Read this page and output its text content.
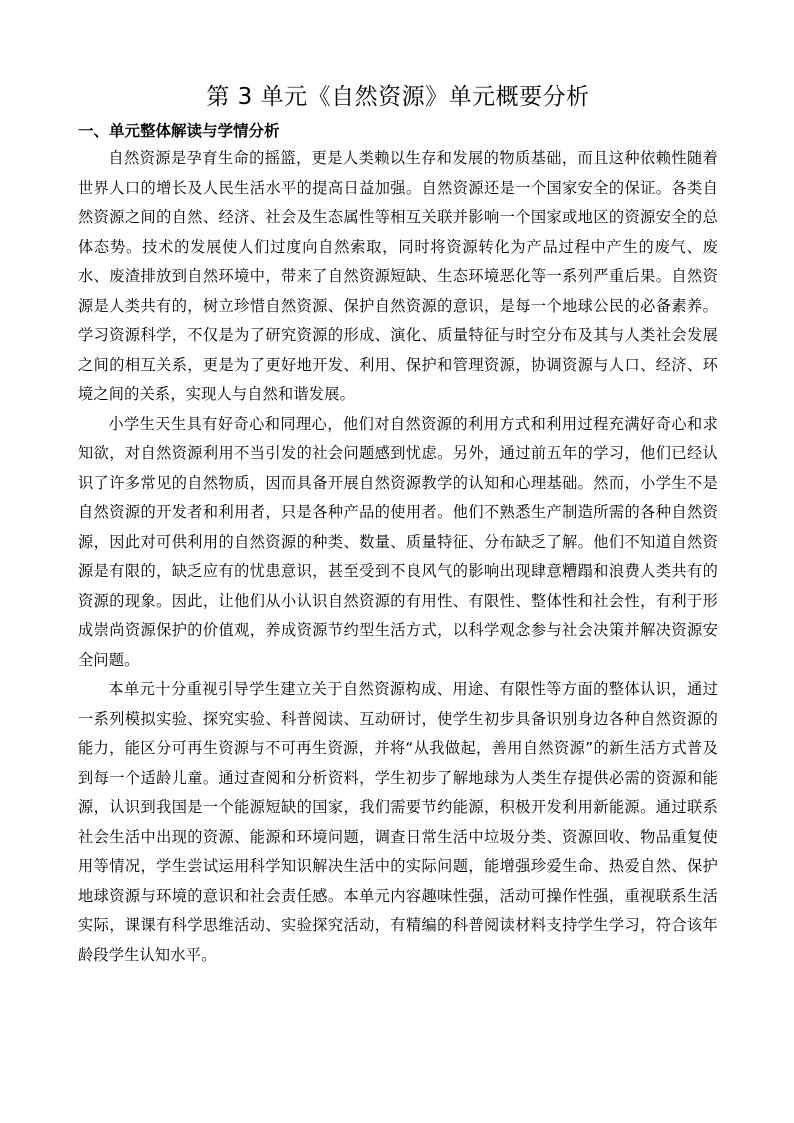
第 3 单元《自然资源》单元概要分析
一、单元整体解读与学情分析

自然资源是孕育生命的摇篮，更是人类赖以生存和发展的物质基础，而且这种依赖性随着世界人口的增长及人民生活水平的提高日益加强。自然资源还是一个国家安全的保证。各类自然资源之间的自然、经济、社会及生态属性等相互关联并影响一个国家或地区的资源安全的总体态势。技术的发展使人们过度向自然索取，同时将资源转化为产品过程中产生的废气、废水、废渣排放到自然环境中，带来了自然资源短缺、生态环境恶化等一系列严重后果。自然资源是人类共有的，树立珍惜自然资源、保护自然资源的意识，是每一个地球公民的必备素养。学习资源科学，不仅是为了研究资源的形成、演化、质量特征与时空分布及其与人类社会发展之间的相互关系，更是为了更好地开发、利用、保护和管理资源，协调资源与人口、经济、环境之间的关系，实现人与自然和谐发展。

小学生天生具有好奇心和同理心，他们对自然资源的利用方式和利用过程充满好奇心和求知欲，对自然资源利用不当引发的社会问题感到忧虑。另外，通过前五年的学习，他们已经认识了许多常见的自然物质，因而具备开展自然资源教学的认知和心理基础。然而，小学生不是自然资源的开发者和利用者，只是各种产品的使用者。他们不熟悉生产制造所需的各种自然资源，因此对可供利用的自然资源的种类、数量、质量特征、分布缺乏了解。他们不知道自然资源是有限的，缺乏应有的忧患意识，甚至受到不良风气的影响出现肆意糟蹋和浪费人类共有的资源的现象。因此，让他们从小认识自然资源的有用性、有限性、整体性和社会性，有利于形成崇尚资源保护的价值观，养成资源节约型生活方式，以科学观念参与社会决策并解决资源安全问题。

本单元十分重视引导学生建立关于自然资源构成、用途、有限性等方面的整体认识，通过一系列模拟实验、探究实验、科普阅读、互动研讨，使学生初步具备识别身边各种自然资源的能力，能区分可再生资源与不可再生资源，并将“从我做起，善用自然资源”的新生活方式普及到每一个适龄儿童。通过查阅和分析资料，学生初步了解地球为人类生存提供必需的资源和能源，认识到我国是一个能源短缺的国家，我们需要节约能源，积极开发利用新能源。通过联系社会生活中出现的资源、能源和环境问题，调查日常生活中垃圾分类、资源回收、物品重复使用等情况，学生尝试运用科学知识解决生活中的实际问题，能增强珍爱生命、热爱自然、保护地球资源与环境的意识和社会责任感。本单元内容趣味性强，活动可操作性强，重视联系生活实际，课课有科学思维活动、实验探究活动，有精编的科普阅读材料支持学生学习，符合该年龄段学生认知水平。
